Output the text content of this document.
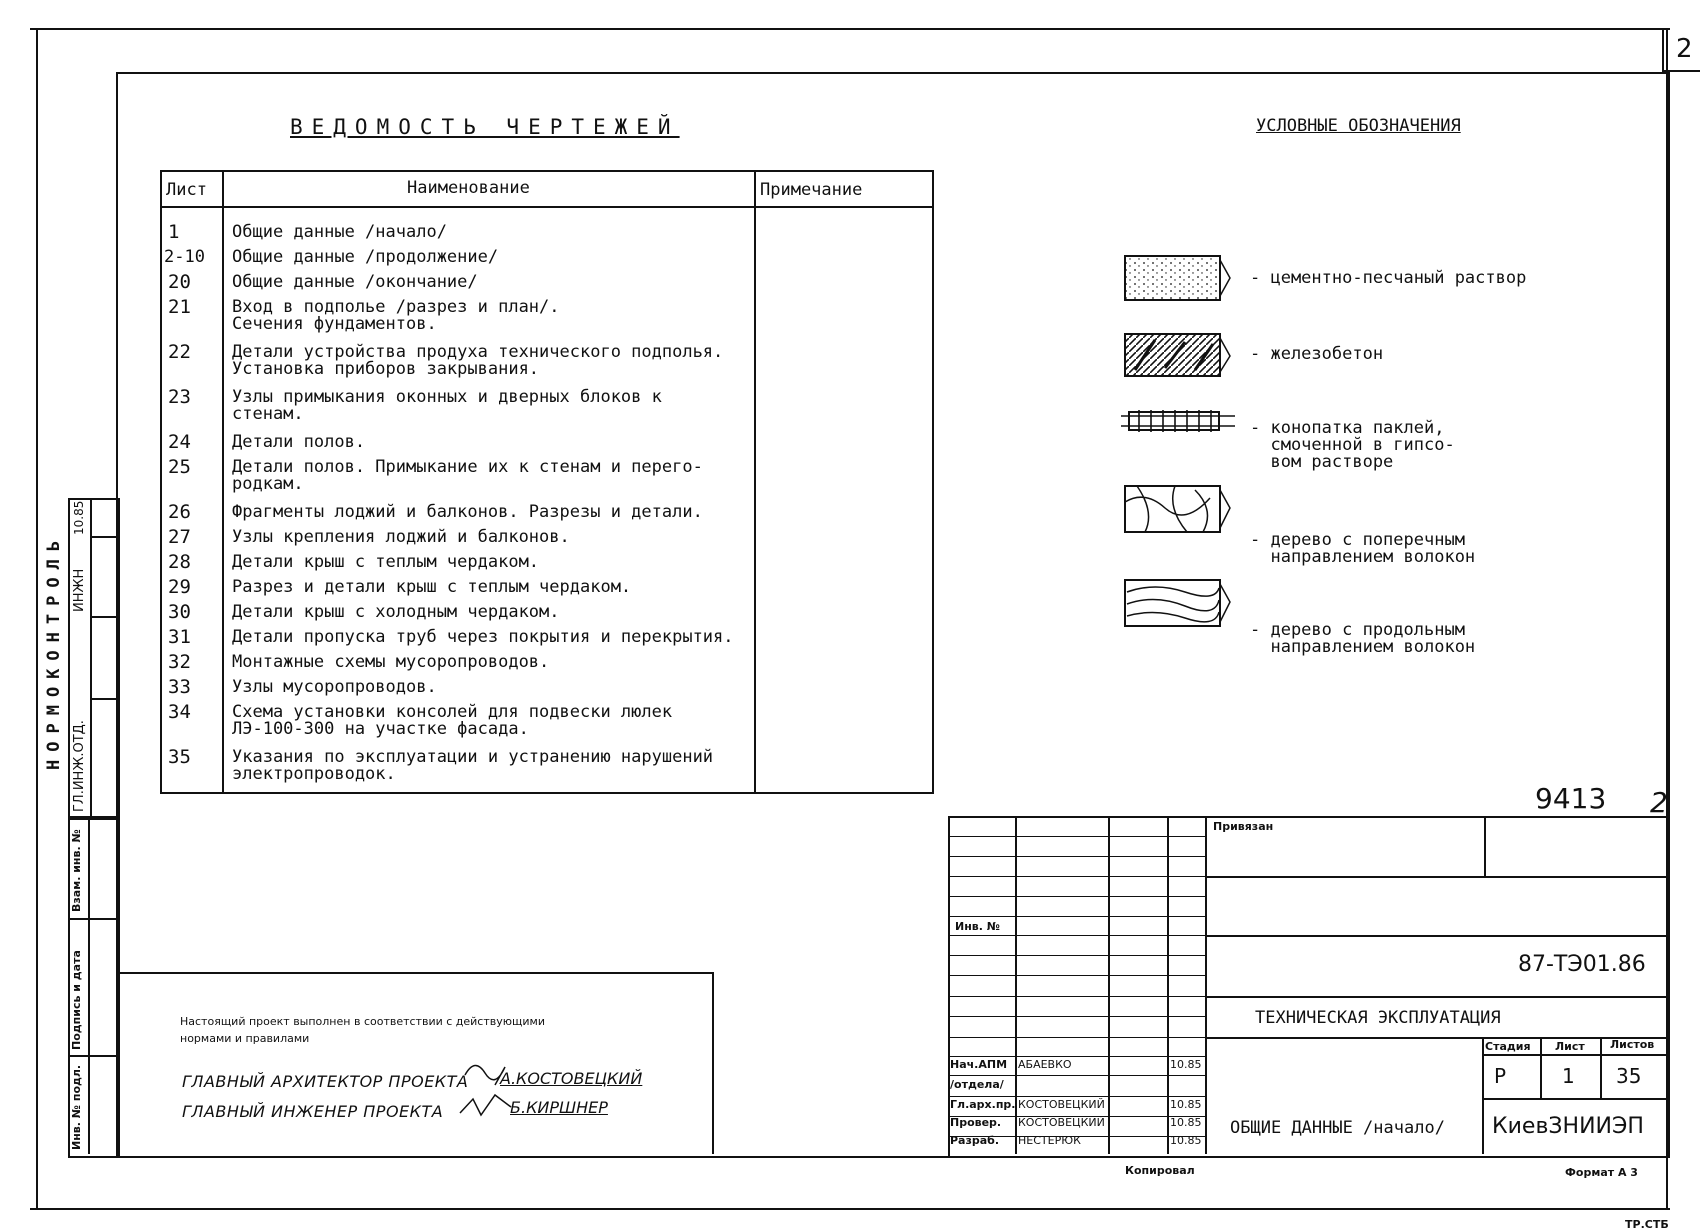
2
ВЕДОМОСТЬ ЧЕРТЕЖЕЙ
Лист	Наименование	Примечание
1	Общие данные /начало/
2-10 Общие данные /продолжение/
20	Общие данные /окончание/
21	Вход в подполье /разрез и план/.
Сечения фундаментов.
22	Детали устройства продуха технического подполья.
Установка приборов закрывания.
23	Узлы примыкания оконных и дверных блоков к
стенам.
24	Детали полов.
25	Детали полов. Примыкание их к стенам и перего-
родкам.
26	Фрагменты лоджий и балконов. Разрезы и детали.
27	Узлы крепления лоджий и балконов.
28	Детали крыш с теплым чердаком.
29	Разрез и детали крыш с теплым чердаком.
30	Детали крыш с холодным чердаком.
31	Детали пропуска труб через покрытия и перекрытия.
32	Монтажные схемы мусоропроводов.
33	Узлы мусоропроводов.
34	Схема установки консолей для подвески люлек
ЛЭ-100-300 на участке фасада.
35	Указания по эксплуатации и устранению нарушений
электропроводок.
УСЛОВНЫЕ ОБОЗНАЧЕНИЯ
- цементно-песчаный раствор
- железобетон
- конопатка паклей,
смоченной в гипсо-
вом растворе
- дерево с поперечным
направлением волокон
- дерево с продольным
направлением волокон
Настоящий проект выполнен в соответствии с действующими
нормами и правилами
ГЛАВНЫЙ АРХИТЕКТОР ПРОЕКТА А.КОСТОВЕЦКИЙ
ГЛАВНЫЙ ИНЖЕНЕР ПРОЕКТА	Б.КИРШНЕР
9413 2
Привязан
Инв. №
87-ТЭ01.86
ТЕХНИЧЕСКАЯ ЭКСПЛУАТАЦИЯ
ОБЩИЕ ДАННЫЕ /начало/
Стадия Лист Листов
Р	1 35
КиевЗНИИЭП
Нач.АПМ АБАЕВКО	10.85
/отдела/
Гл.арх.пр. КОСТОВЕЦКИЙ	10.85
Провер. КОСТОВЕЦКИЙ	10.85
Разраб. НЕСТЕРЮК	10.85
Копировал	Формат А 3
ТР.СТБ
НОРМОКОНТРОЛЬ ГЛ.ИНЖ.ОТД.
ИНЖН
10.85
Взам. инв. №
Подпись и дата
Инв. № подл.
